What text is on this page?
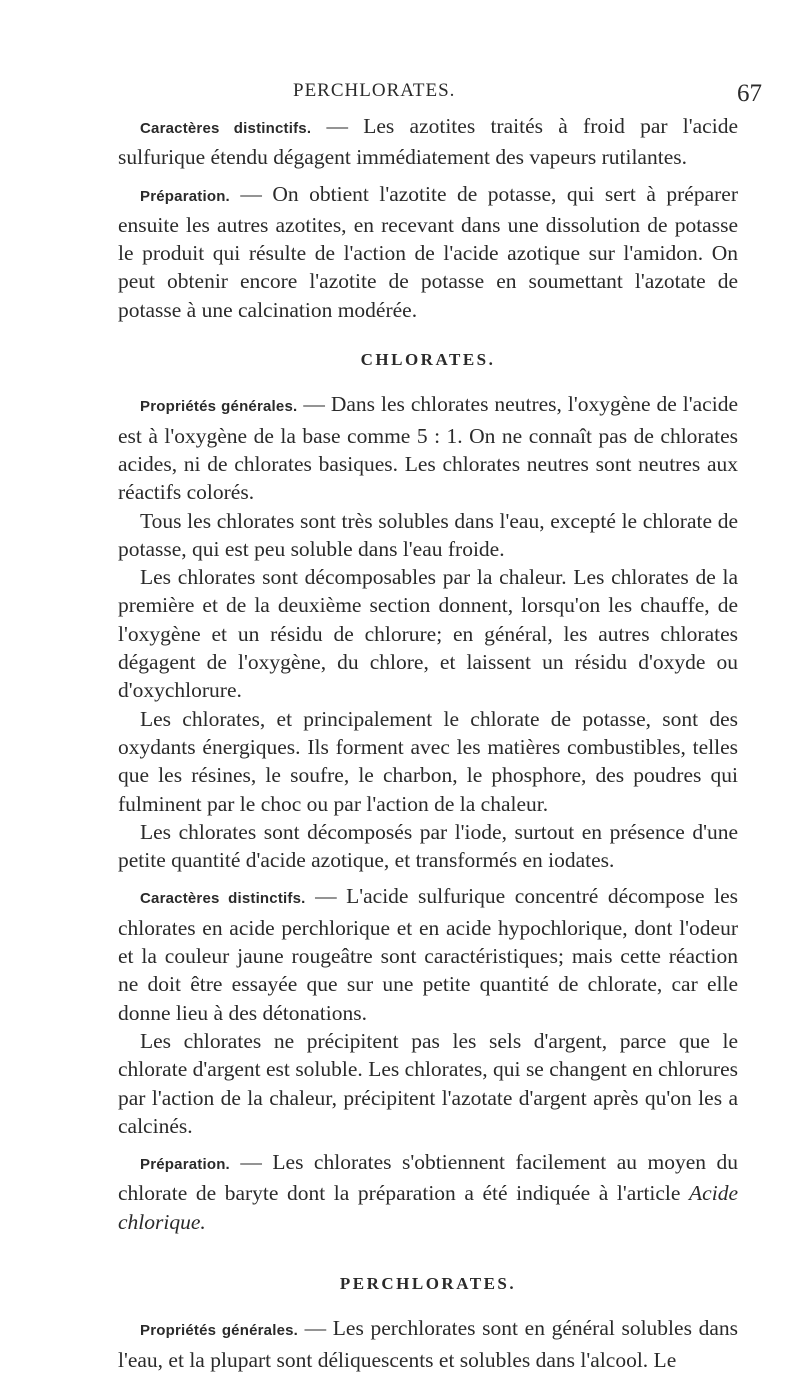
PERCHLORATES.	67

Caractères distinctifs. — Les azotites traités à froid par l'acide sulfurique étendu dégagent immédiatement des vapeurs rutilantes.

Préparation. — On obtient l'azotite de potasse, qui sert à préparer ensuite les autres azotites, en recevant dans une dissolution de potasse le produit qui résulte de l'action de l'acide azotique sur l'amidon. On peut obtenir encore l'azotite de potasse en soumettant l'azotate de potasse à une calcination modérée.

CHLORATES.

Propriétés générales. — Dans les chlorates neutres, l'oxygène de l'acide est à l'oxygène de la base comme 5 : 1. On ne connaît pas de chlorates acides, ni de chlorates basiques. Les chlorates neutres sont neutres aux réactifs colorés.

Tous les chlorates sont très solubles dans l'eau, excepté le chlorate de potasse, qui est peu soluble dans l'eau froide.

Les chlorates sont décomposables par la chaleur. Les chlorates de la première et de la deuxième section donnent, lorsqu'on les chauffe, de l'oxygène et un résidu de chlorure; en général, les autres chlorates dégagent de l'oxygène, du chlore, et laissent un résidu d'oxyde ou d'oxychlorure.

Les chlorates, et principalement le chlorate de potasse, sont des oxydants énergiques. Ils forment avec les matières combustibles, telles que les résines, le soufre, le charbon, le phosphore, des poudres qui fulminent par le choc ou par l'action de la chaleur.

Les chlorates sont décomposés par l'iode, surtout en présence d'une petite quantité d'acide azotique, et transformés en iodates.

Caractères distinctifs. — L'acide sulfurique concentré décompose les chlorates en acide perchlorique et en acide hypochlorique, dont l'odeur et la couleur jaune rougeâtre sont caractéristiques; mais cette réaction ne doit être essayée que sur une petite quantité de chlorate, car elle donne lieu à des détonations.

Les chlorates ne précipitent pas les sels d'argent, parce que le chlorate d'argent est soluble. Les chlorates, qui se changent en chlorures par l'action de la chaleur, précipitent l'azotate d'argent après qu'on les a calcinés.

Préparation. — Les chlorates s'obtiennent facilement au moyen du chlorate de baryte dont la préparation a été indiquée à l'article Acide chlorique.

PERCHLORATES.

Propriétés générales. — Les perchlorates sont en général solubles dans l'eau, et la plupart sont déliquescents et solubles dans l'alcool. Le
